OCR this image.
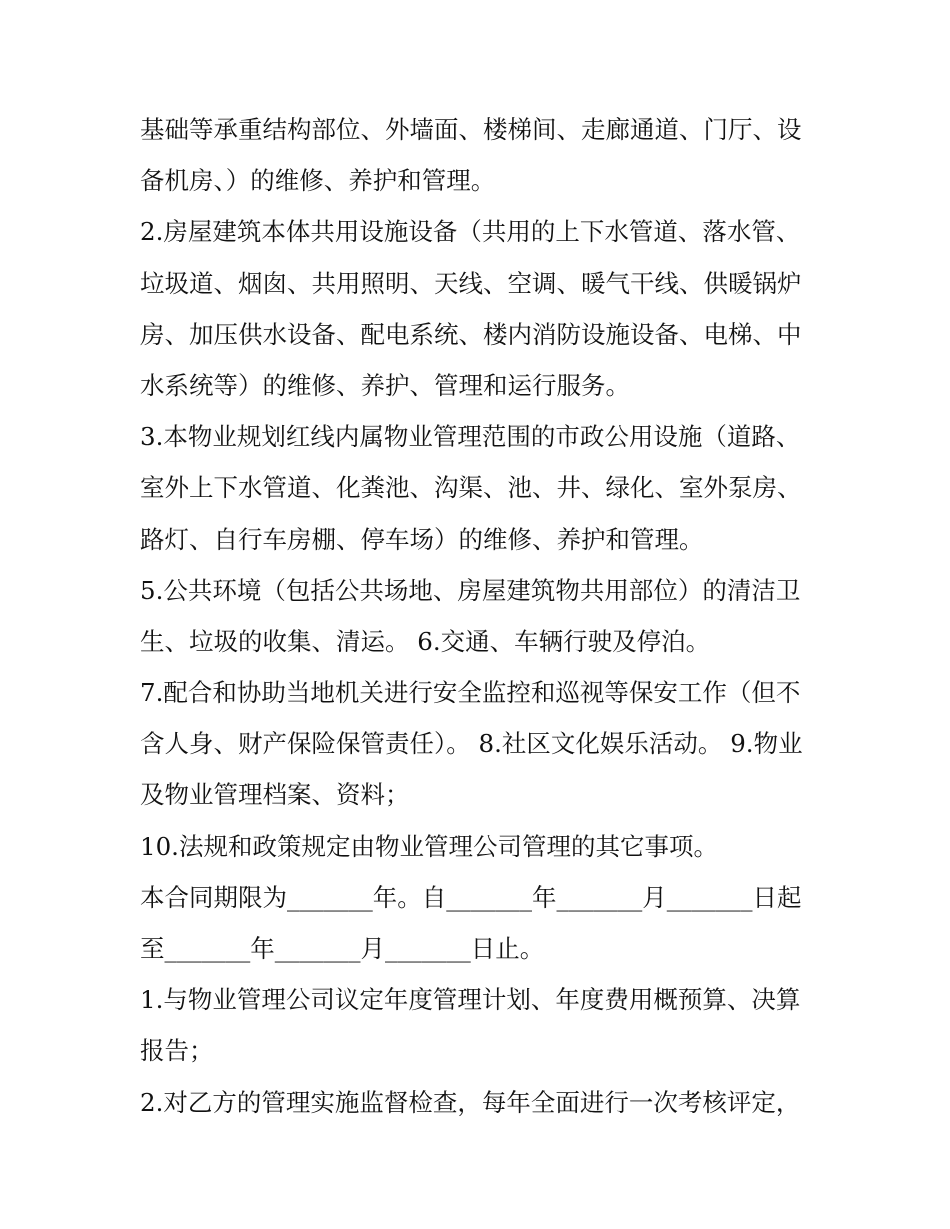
基础等承重结构部位、外墙面、楼梯间、走廊通道、门厅、设
备机房、）的维修、养护和管理。
2.房屋建筑本体共用设施设备（共用的上下水管道、落水管、
垃圾道、烟囱、共用照明、天线、空调、暖气干线、供暖锅炉
房、加压供水设备、配电系统、楼内消防设施设备、电梯、中
水系统等）的维修、养护、管理和运行服务。
3.本物业规划红线内属物业管理范围的市政公用设施（道路、
室外上下水管道、化粪池、沟渠、池、井、绿化、室外泵房、
路灯、自行车房棚、停车场）的维修、养护和管理。
5.公共环境（包括公共场地、房屋建筑物共用部位）的清洁卫
生、垃圾的收集、清运。 6.交通、车辆行驶及停泊。
7.配合和协助当地机关进行安全监控和巡视等保安工作（但不
含人身、财产保险保管责任）。 8.社区文化娱乐活动。 9.物业
及物业管理档案、资料；
10.法规和政策规定由物业管理公司管理的其它事项。
本合同期限为_______年。自_______年_______月_______日起
至_______年_______月_______日止。
1.与物业管理公司议定年度管理计划、年度费用概预算、决算
报告；
2.对乙方的管理实施监督检查，每年全面进行一次考核评定，
